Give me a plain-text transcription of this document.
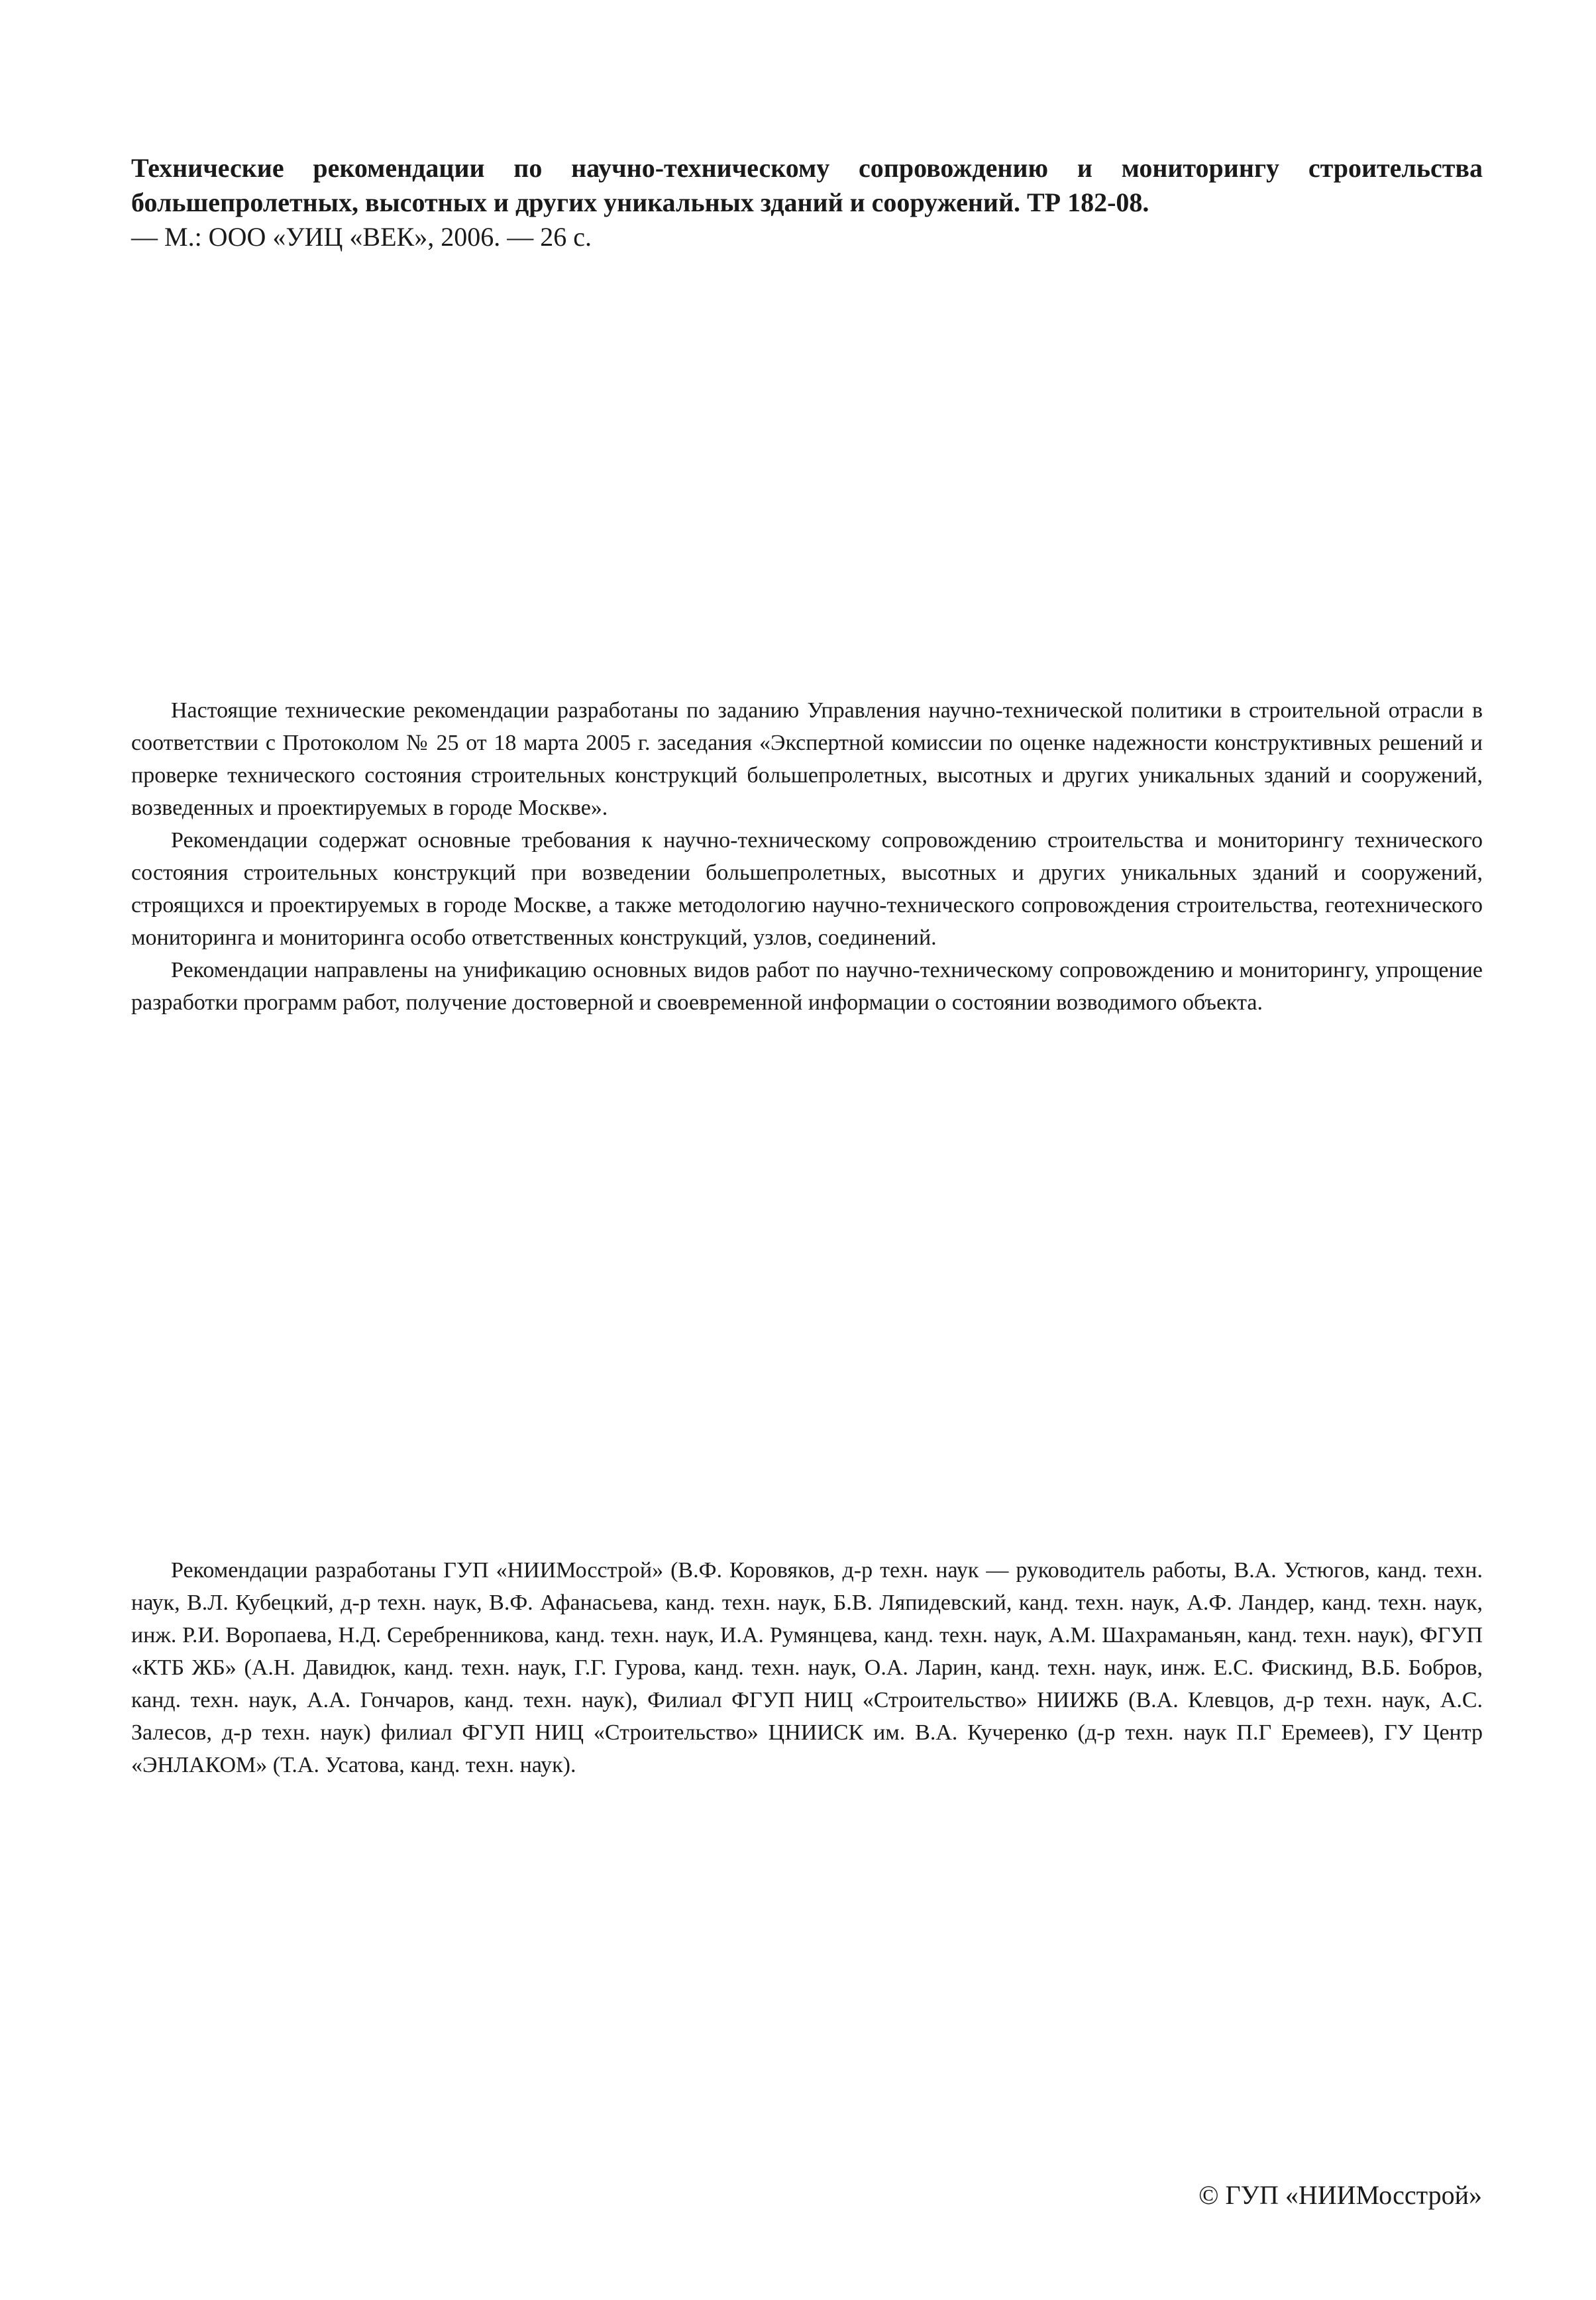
Технические рекомендации по научно-техническому сопровождению и мониторингу строительства большепролетных, высотных и других уникальных зданий и сооружений. ТР 182-08.

— М.: ООО «УИЦ «ВЕК», 2006. — 26 с.

Настоящие технические рекомендации разработаны по заданию Управления научно-технической политики в строительной отрасли в соответствии с Протоколом № 25 от 18 марта 2005 г. заседания «Экспертной комиссии по оценке надежности конструктивных решений и проверке технического состояния строительных конструкций большепролетных, высотных и других уникальных зданий и сооружений, возведенных и проектируемых в городе Москве».

Рекомендации содержат основные требования к научно-техническому сопровождению строительства и мониторингу технического состояния строительных конструкций при возведении большепролетных, высотных и других уникальных зданий и сооружений, строящихся и проектируемых в городе Москве, а также методологию научно-технического сопровождения строительства, геотехнического мониторинга и мониторинга особо ответственных конструкций, узлов, соединений.

Рекомендации направлены на унификацию основных видов работ по научно-техническому сопровождению и мониторингу, упрощение разработки программ работ, получение достоверной и своевременной информации о состоянии возводимого объекта.

Рекомендации разработаны ГУП «НИИМосстрой» (В.Ф. Коровяков, д-р техн. наук — руководитель работы, В.А. Устюгов, канд. техн. наук, В.Л. Кубецкий, д-р техн. наук, В.Ф. Афанасьева, канд. техн. наук, Б.В. Ляпидевский, канд. техн. наук, А.Ф. Ландер, канд. техн. наук, инж. Р.И. Воропаева, Н.Д. Серебренникова, канд. техн. наук, И.А. Румянцева, канд. техн. наук, А.М. Шахраманьян, канд. техн. наук), ФГУП «КТБ ЖБ» (А.Н. Давидюк, канд. техн. наук, Г.Г. Гурова, канд. техн. наук, О.А. Ларин, канд. техн. наук, инж. Е.С. Фискинд, В.Б. Бобров, канд. техн. наук, А.А. Гончаров, канд. техн. наук), Филиал ФГУП НИЦ «Строительство» НИИЖБ (В.А. Клевцов, д-р техн. наук, А.С. Залесов, д-р техн. наук) филиал ФГУП НИЦ «Строительство» ЦНИИСК им. В.А. Кучеренко (д-р техн. наук П.Г Еремеев), ГУ Центр «ЭНЛАКОМ» (Т.А. Усатова, канд. техн. наук).

© ГУП «НИИМосстрой»
